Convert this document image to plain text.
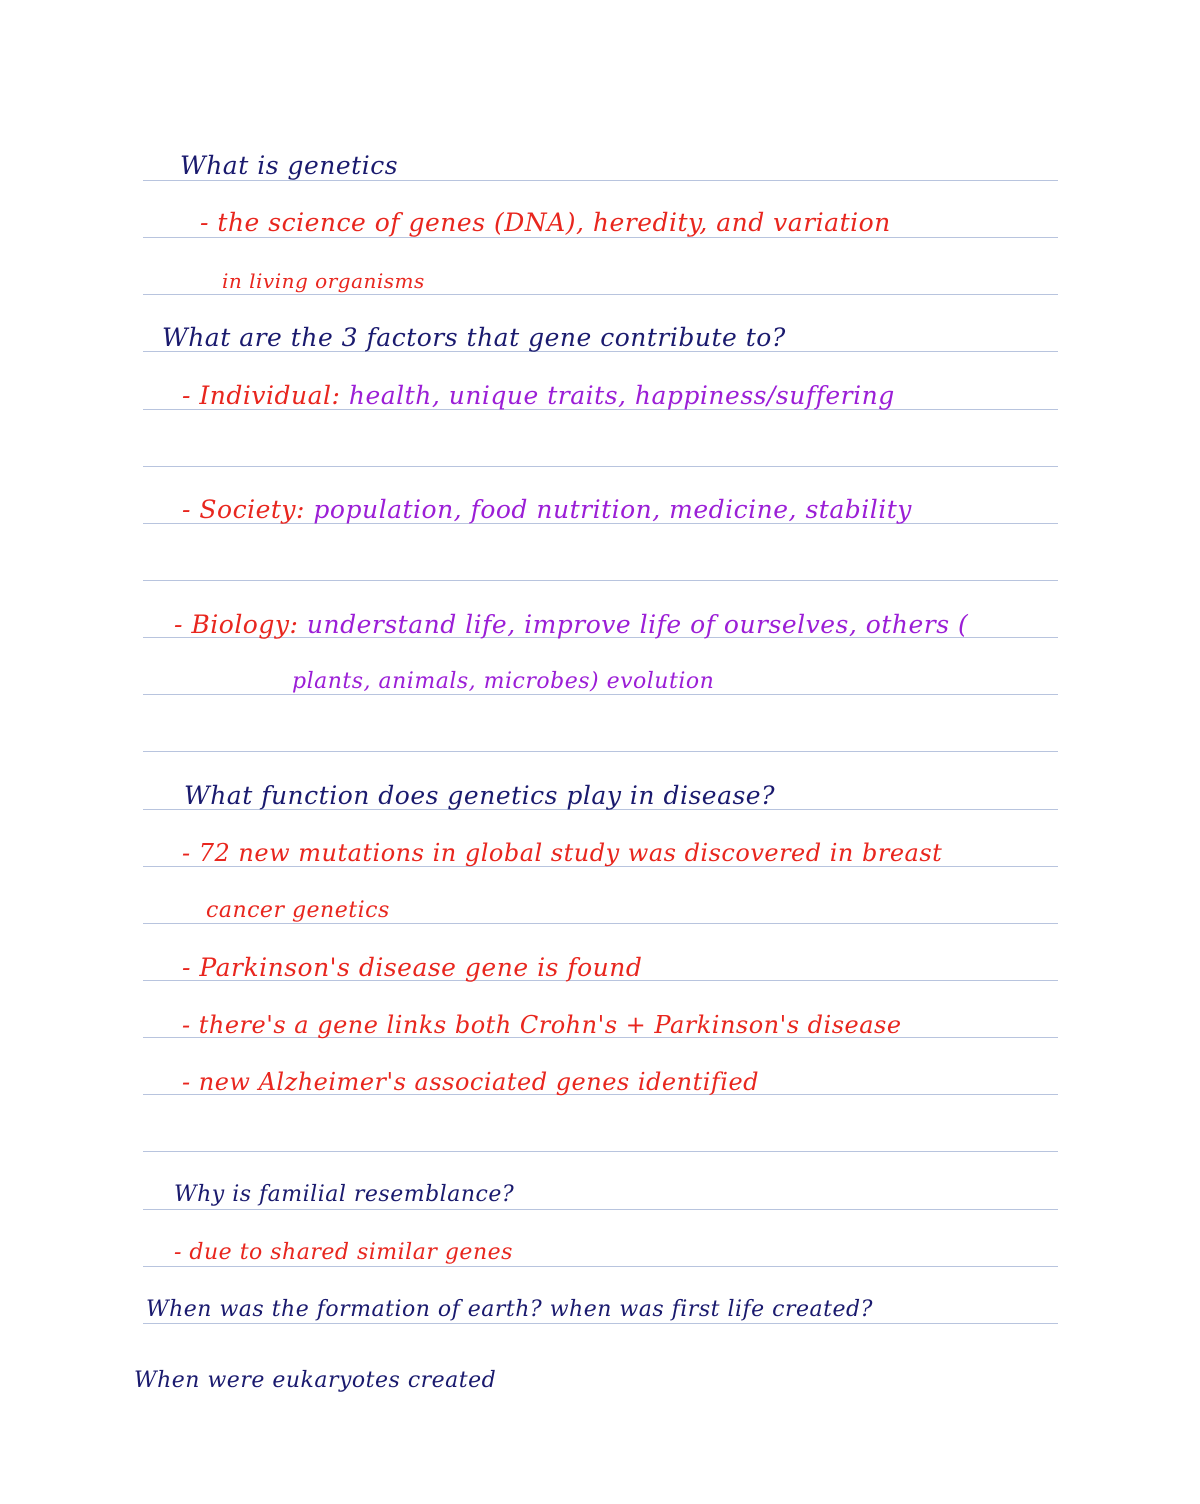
What is genetics
- the science of genes (DNA), heredity, and variation
in living organisms
What are the 3 factors that gene contribute to?
- Individual: health, unique traits, happiness/suffering
- Society: population, food nutrition, medicine, stability
- Biology: understand life, improve life of ourselves, others (
plants, animals, microbes) evolution
What function does genetics play in disease?
- 72 new mutations in global study was discovered in breast
cancer genetics
- Parkinson's disease gene is found
- there's a gene links both Crohn's + Parkinson's disease
- new Alzheimer's associated genes identified
Why is familial resemblance?
- due to shared similar genes
When was the formation of earth? when was first life created?
When were eukaryotes created
